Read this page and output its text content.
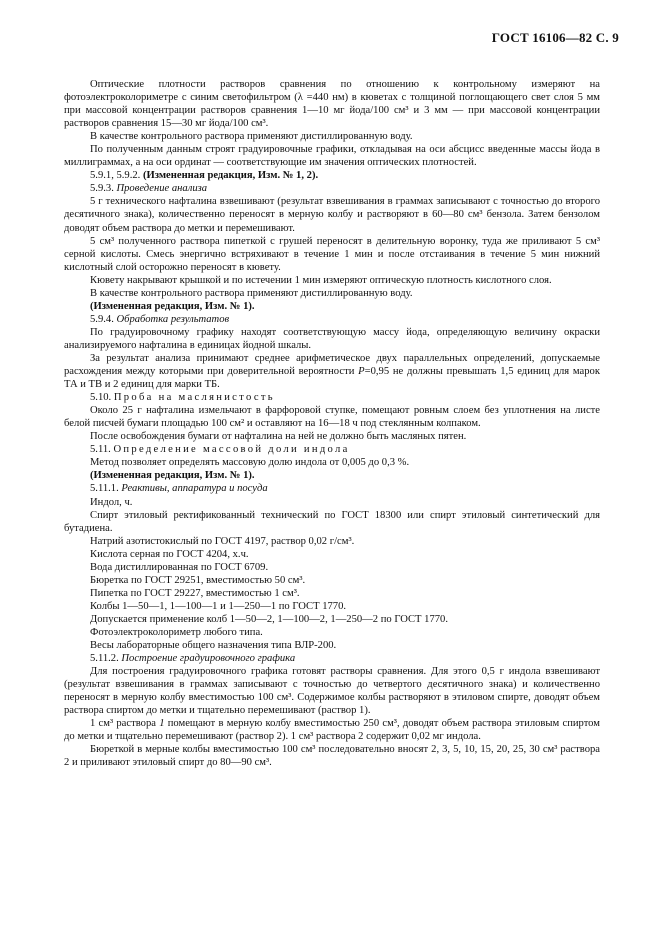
ГОСТ 16106—82 С. 9

Оптические плотности растворов сравнения по отношению к контрольному измеряют на фотоэлектроколориметре с синим светофильтром (λ =440 нм) в кюветах с толщиной поглощающего свет слоя 5 мм при массовой концентрации растворов сравнения 1—10 мг йода/100 см³ и 3 мм — при массовой концентрации растворов сравнения 15—30 мг йода/100 см³.

В качестве контрольного раствора применяют дистиллированную воду.

По полученным данным строят градуировочные графики, откладывая на оси абсцисс введенные массы йода в миллиграммах, а на оси ординат — соответствующие им значения оптических плотностей.

5.9.1, 5.9.2. (Измененная редакция, Изм. № 1, 2).

5.9.3. Проведение анализа

5 г технического нафталина взвешивают (результат взвешивания в граммах записывают с точностью до второго десятичного знака), количественно переносят в мерную колбу и растворяют в 60—80 см³ бензола. Затем бензолом доводят объем раствора до метки и перемешивают.

5 см³ полученного раствора пипеткой с грушей переносят в делительную воронку, туда же приливают 5 см³ серной кислоты. Смесь энергично встряхивают в течение 1 мин и после отстаивания в течение 5 мин нижний кислотный слой осторожно переносят в кювету.

Кювету накрывают крышкой и по истечении 1 мин измеряют оптическую плотность кислотного слоя.

В качестве контрольного раствора применяют дистиллированную воду.

(Измененная редакция, Изм. № 1).

5.9.4. Обработка результатов

По градуировочному графику находят соответствующую массу йода, определяющую величину окраски анализируемого нафталина в единицах йодной шкалы.

За результат анализа принимают среднее арифметическое двух параллельных определений, допускаемые расхождения между которыми при доверительной вероятности P=0,95 не должны превышать 1,5 единиц для марок ТА и ТВ и 2 единиц для марки ТБ.

5.10. Проба на маслянистость

Около 25 г нафталина измельчают в фарфоровой ступке, помещают ровным слоем без уплотнения на листе белой писчей бумаги площадью 100 см² и оставляют на 16—18 ч под стеклянным колпаком.

После освобождения бумаги от нафталина на ней не должно быть масляных пятен.

5.11. Определение массовой доли индола

Метод позволяет определять массовую долю индола от 0,005 до 0,3 %.

(Измененная редакция, Изм. № 1).

5.11.1. Реактивы, аппаратура и посуда

Индол, ч.

Спирт этиловый ректификованный технический по ГОСТ 18300 или спирт этиловый синтетический для бутадиена.

Натрий азотистокислый по ГОСТ 4197, раствор 0,02 г/см³.

Кислота серная по ГОСТ 4204, х.ч.

Вода дистиллированная по ГОСТ 6709.

Бюретка по ГОСТ 29251, вместимостью 50 см³.

Пипетка по ГОСТ 29227, вместимостью 1 см³.

Колбы 1—50—1, 1—100—1 и 1—250—1 по ГОСТ 1770.

Допускается применение колб 1—50—2, 1—100—2, 1—250—2 по ГОСТ 1770.

Фотоэлектроколориметр любого типа.

Весы лабораторные общего назначения типа ВЛР-200.

5.11.2. Построение градуировочного графика

Для построения градуировочного графика готовят растворы сравнения. Для этого 0,5 г индола взвешивают (результат взвешивания в граммах записывают с точностью до четвертого десятичного знака) и количественно переносят в мерную колбу вместимостью 100 см³. Содержимое колбы растворяют в этиловом спирте, доводят объем раствора спиртом до метки и тщательно перемешивают (раствор 1).

1 см³ раствора 1 помещают в мерную колбу вместимостью 250 см³, доводят объем раствора этиловым спиртом до метки и тщательно перемешивают (раствор 2). 1 см³ раствора 2 содержит 0,02 мг индола.

Бюреткой в мерные колбы вместимостью 100 см³ последовательно вносят 2, 3, 5, 10, 15, 20, 25, 30 см³ раствора 2 и приливают этиловый спирт до 80—90 см³.
